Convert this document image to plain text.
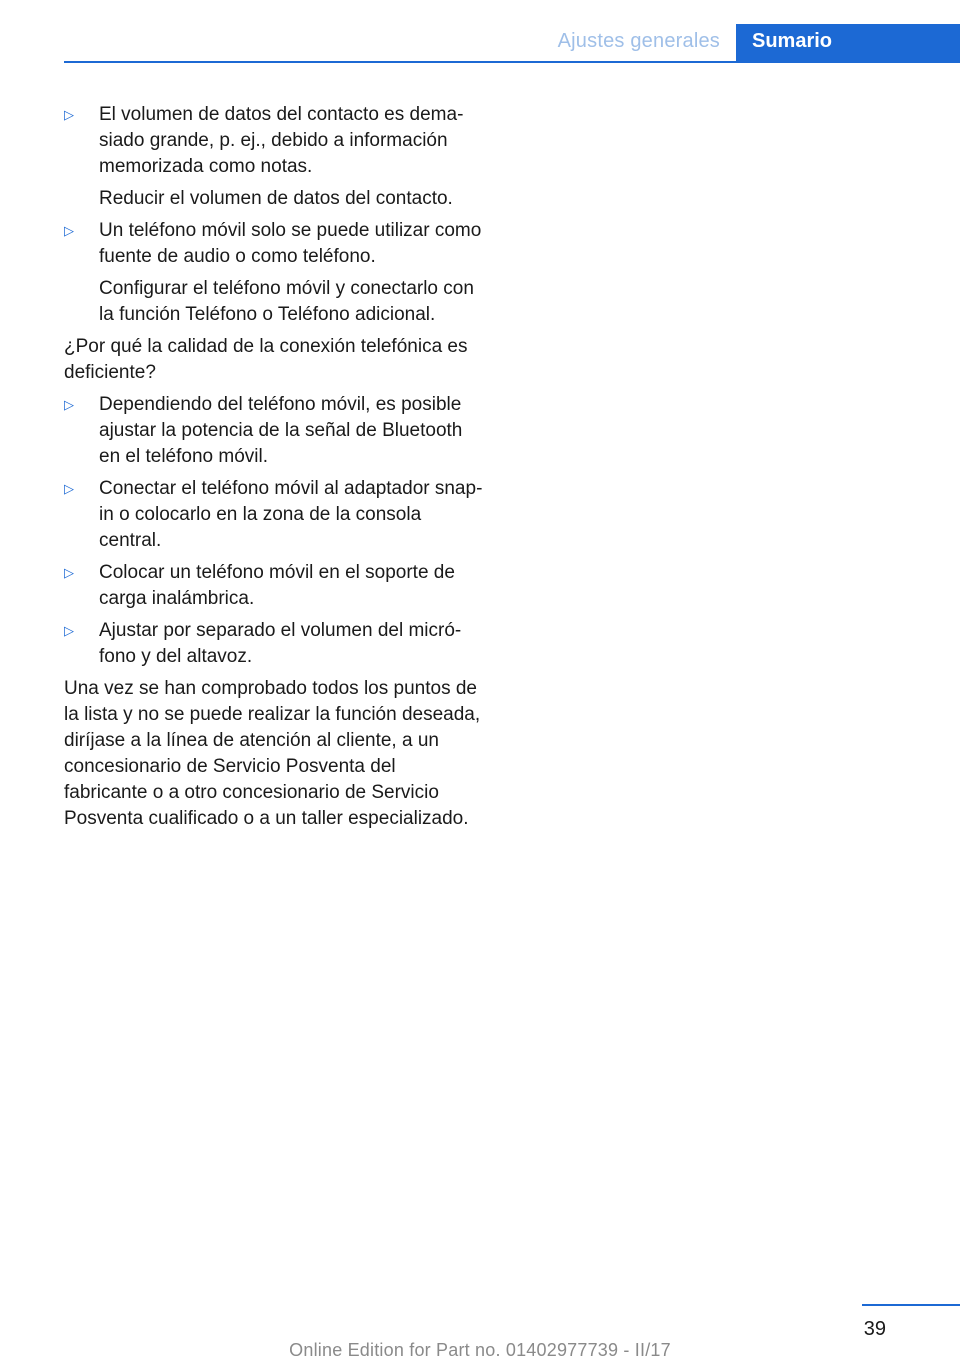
Ajustes generales	Sumario
▷	El volumen de datos del contacto es demasiado grande, p. ej., debido a información memorizada como notas.

Reducir el volumen de datos del contacto.

▷	Un teléfono móvil solo se puede utilizar como fuente de audio o como teléfono.

Configurar el teléfono móvil y conectarlo con la función Teléfono o Teléfono adicional.

¿Por qué la calidad de la conexión telefónica es deficiente?

▷	Dependiendo del teléfono móvil, es posible ajustar la potencia de la señal de Bluetooth en el teléfono móvil.

▷	Conectar el teléfono móvil al adaptador snap-in o colocarlo en la zona de la consola central.

▷	Colocar un teléfono móvil en el soporte de carga inalámbrica.

▷	Ajustar por separado el volumen del micrófono y del altavoz.

Una vez se han comprobado todos los puntos de la lista y no se puede realizar la función deseada, diríjase a la línea de atención al cliente, a un concesionario de Servicio Posventa del fabricante o a otro concesionario de Servicio Posventa cualificado o a un taller especializado.

39
Online Edition for Part no. 01402977739 - II/17
